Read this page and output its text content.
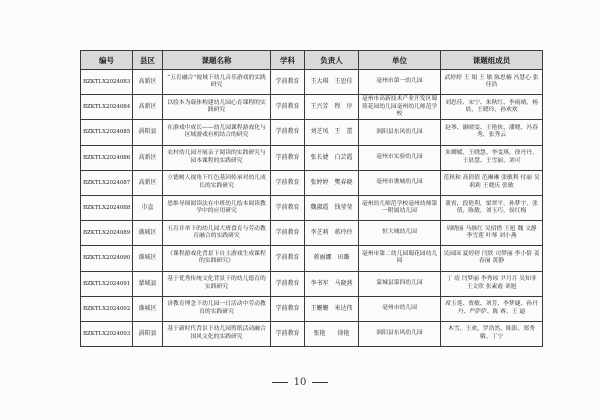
编号	县区	课题名称	学科	负责人	单位	课题组成员
BZKTLX2024083	高新区	“五育融合”视域下幼儿音乐游戏的实践研究	学前教育	王大琪　王思佳	亳州市第一幼儿园	武婷婷 王 娟 王 敏 陈思楠 冯慧心 张佳浩
BZKTLX2024084	高新区	以绘本为载体构建幼儿园心育课程的实践研究	学前教育	王兴芳　程　序	亳州市高新技术产业开发区蜀荷花园幼儿园亳州幼儿师范学校	刘思佳、宋宁、朱秋红、李雨晴、杨晨、王晓玲、孙欢欢
BZKTLX2024085	涡阳县	在游戏中成长——幼儿园课程游戏化与区域游戏有机结合的研究	学前教育	刘芝凤　王　蕾	涡阳县东风幼儿园	赵琴、谢晴雯、王艳侠、潘晓、冯春秀、张秀云
BZKTLX2024086	高新区	农村幼儿园开展亲子阅读的实践研究与园本课程的实践研究	学前教育	张长婕　白芸霞	亳州市实验幼儿园	朱卿媛、王晓慧、李雯琪、徐丹丹、王晨慧、王雪丽、刘可
BZKTLX2024087	高新区	立德树人视角下红色基因传承对幼儿成长的实践研究	学前教育	张婷婷　樊春晓	亳州市谯城幼儿园	范秋和 高倩倩 范琳琳 张敏利 付丽 吴莉莉 王晓庆 张敏
BZKTLX2024088	市直	思维导图阅读法在中班幼儿绘本阅读教学中的应用研究	学前教育	魏淑霞　钱莹莹	亳州幼儿师范学校亳州幼师第一附属幼儿园	董霄，段艳利，梁翠平，孙梦宇，张倩，陈敏，刘玉巧，侯红梅
BZKTLX2024089	谯城区	五育并举下的幼儿园大班食育与劳动教育融合的实践研究	学前教育	李芝莉　蒋玲玲	恒大城幼儿园	周晓丽 马继红 吴招惜 王旭 魏 文静 李雪莲 叶琴 刘小燕
BZKTLX2024090	谯城区	《课程游戏化背景下自主游戏生成课程的实践研究》	学前教育	蒋丽娜　田璐	亳州市第二幼儿园蜀花园幼儿园	吴园园 夏婷婷 闫欣 司梦丽 李小倩 姜春丽 黄静
BZKTLX2024091	蒙城县	基于优秀传统文化背景下的幼儿德育的实践研究	学前教育	李书军　马晓燕	蒙城县第四幼儿园	丁 靖 闫梦丽 李秀琼 尹月月 吴知非 王文欣 张素霞 刘旭
BZKTLX2024092	谯城区	济教育理念下幼儿园一日活动中劳动教育的实践研究	学前教育	王姗姗　米达伟	亳州市幼儿园	席玉莲、贾敏、刘芳、李梦婕、孙丹丹、严萨萨、陈 赛、王 逼
BZKTLX2024093	涡阳县	基于新时代背景下幼儿园剪纸活动融合国风文化的实践研究	学前教育	张艳　　徐艳	涡阳县东风幼儿园	木雪、王欢、罗浩然、陈影、郑秀娥、丁宁
10
